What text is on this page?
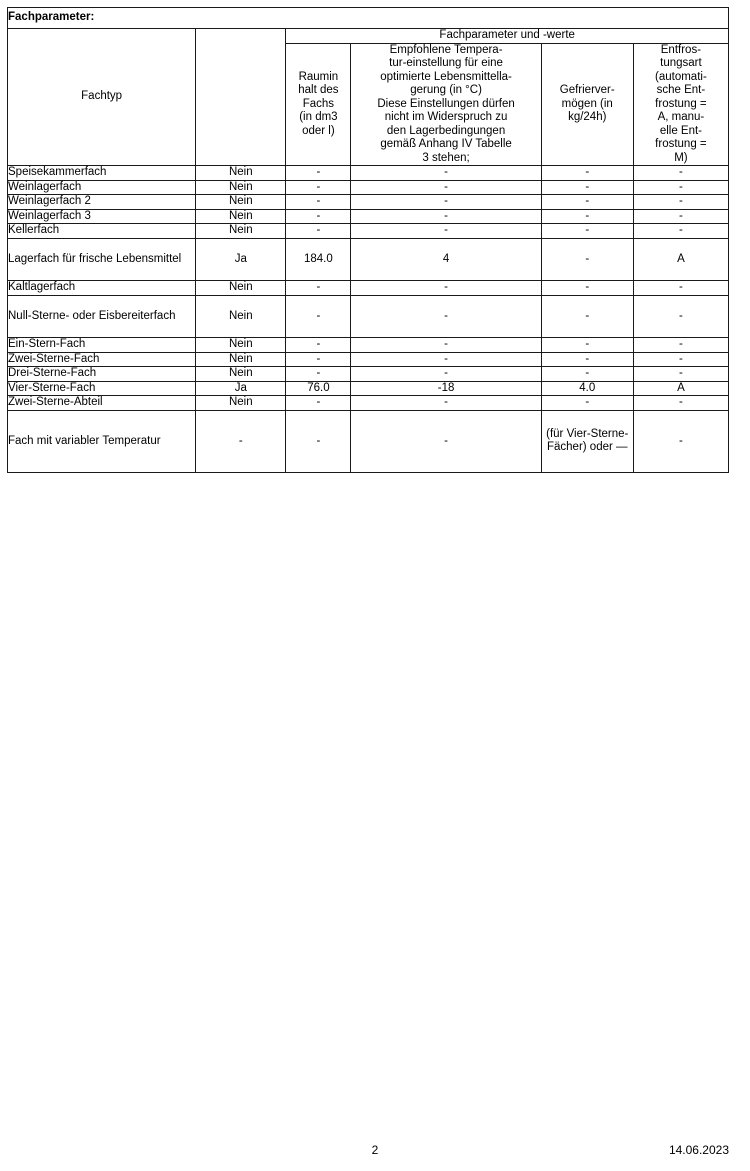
Fachparameter:					
Fachtyp		Fachparameter und -werte			
Raumin
halt des
Fachs
(in dm3
oder l)	Empfohlene Tempera-
tur-einstellung für eine
optimierte Lebensmittella-
gerung (in °C)
Diese Einstellungen dürfen
nicht im Widerspruch zu
den Lagerbedingungen
gemäß Anhang IV Tabelle
3 stehen;	Gefrierver-
mögen (in
kg/24h)	Entfros-
tungsart
(automati-
sche Ent-
frostung =
A, manu-
elle Ent-
frostung =
M)
Speisekammerfach	Nein	-	-	-	-
Weinlagerfach	Nein	-	-	-	-
Weinlagerfach 2	Nein	-	-	-	-
Weinlagerfach 3	Nein	-	-	-	-
Kellerfach	Nein	-	-	-	-
Lagerfach für frische Lebensmittel	Ja	184.0	4	-	A
Kaltlagerfach	Nein	-	-	-	-
Null-Sterne- oder Eisbereiterfach	Nein	-	-	-	-
Ein-Stern-Fach	Nein	-	-	-	-
Zwei-Sterne-Fach	Nein	-	-	-	-
Drei-Sterne-Fach	Nein	-	-	-	-
Vier-Sterne-Fach	Ja	76.0	-18	4.0	A
Zwei-Sterne-Abteil	Nein	-	-	-	-
Fach mit variabler Temperatur	-	-	-	(für Vier-Sterne-Fächer) oder —	-
2	14.06.2023
